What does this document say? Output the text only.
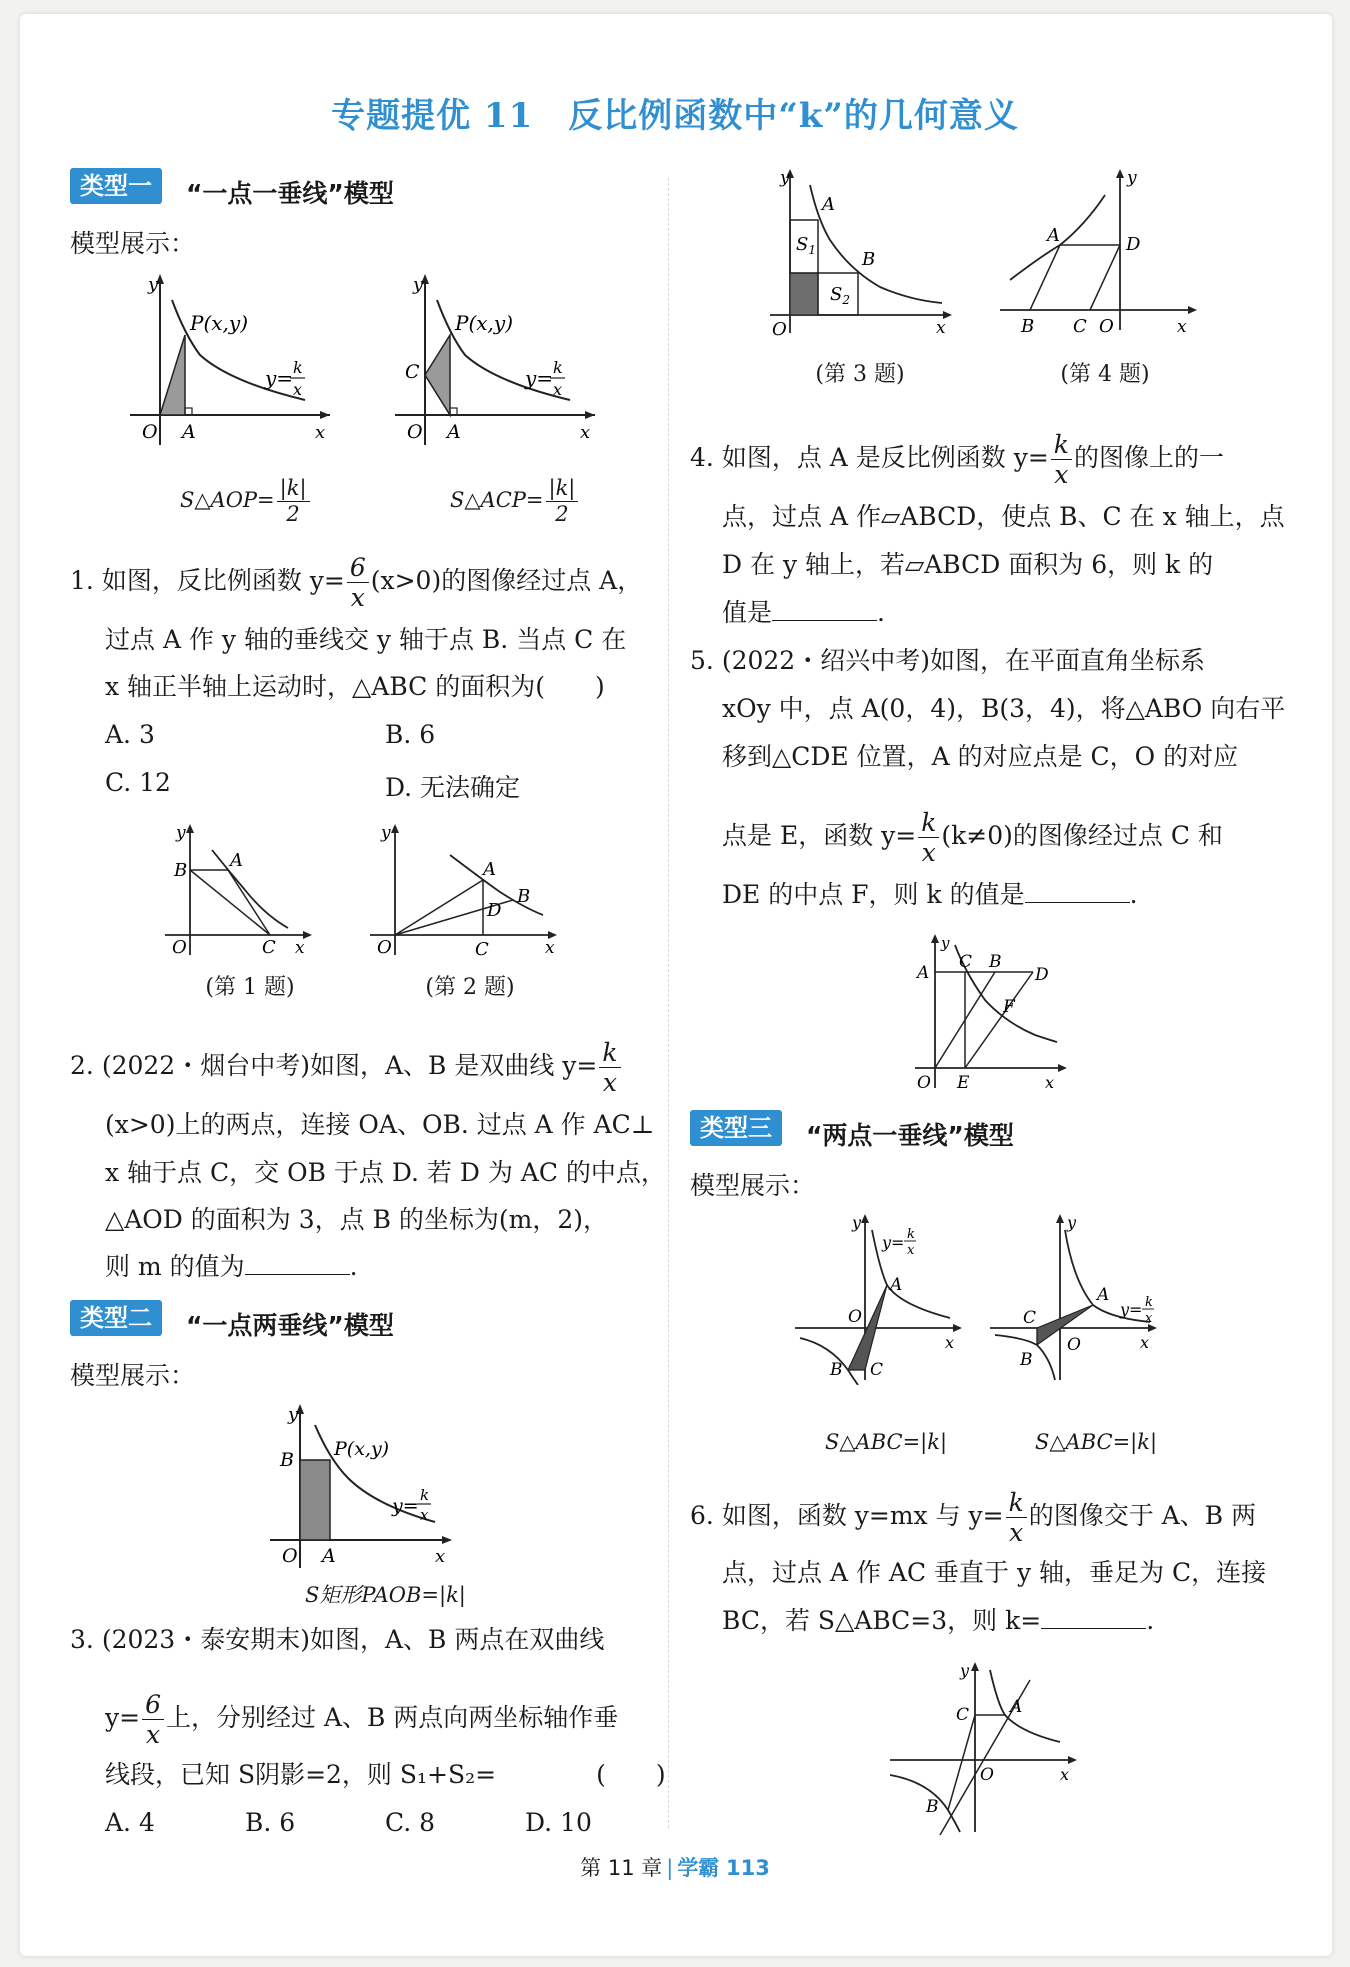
专题提优 11　反比例函数中“k”的几何意义
类型一	“一点一垂线”模型
模型展示：
y
P(x,y)
y= k
x
O A	x
y
P(x,y)
C	y= k
x
O A	x
S△AOP= $\frac{|k|}{2}$	S△ACP= $\frac{|k|}{2}$
1. 如图，反比例函数 $y= \frac{6}{x} (x>0)$的图像经过点 A，
过点 A 作 y 轴的垂线交 y 轴于点 B. 当点 C 在
x 轴正半轴上运动时，△ABC 的面积为(　　)
A. 3	B. 6
C. 12	D. 无法确定
B A
O	C x
y
A
B
D
O	C	x
y
(第 1 题)	(第 2 题)
2. (2022・烟台中考)如图，A、B 是双曲线 $y= \frac{k}{x}$
(x>0)上的两点，连接 OA、OB. 过点 A 作 AC⊥
x 轴于点 C，交 OB 于点 D. 若 D 为 AC 的中点，
△AOD 的面积为 3，点 B 的坐标为(m，2)，
则 m 的值为	.
类型二	“一点两垂线”模型
模型展示：
y
P(x,y)
B
y= k
x
O A	x
S矩形PAOB=|k|
3. (2023・泰安期末)如图，A、B 两点在双曲线
$y= \frac{6}{x}$ 上，分别经过 A、B 两点向两坐标轴作垂
线段，已知 S阴影=2，则 S₁+S₂=　　　　(　　)
A. 4	B. 6	C. 8	D. 10
y
A
B
$S_1$
$S_2$
O	x
y
A	D
B C O	x
(第 3 题)	(第 4 题)
4. 如图，点 A 是反比例函数 $y= \frac{k}{x}$ 的图像上的一
点，过点 A 作▱ABCD，使点 B、C 在 x 轴上，点
D 在 y 轴上，若▱ABCD 面积为 6，则 k 的
值是	.
5. (2022・绍兴中考)如图，在平面直角坐标系
xOy 中，点 A(0，4)，B(3，4)，将△ABO 向右平
移到△CDE 位置，A 的对应点是 C，O 的对应
点是 E，函数 $y= \frac{k}{x} (k\ne 0)$的图像经过点 C 和
DE 的中点 F，则 k 的值是	.
y
A
C B
D
F
O E	x
类型三	“两点一垂线”模型
模型展示：
y
y= k
x
A
O
x
B C
y
A
y= k
x
C
O	x
B
S△ABC=|k|	S△ABC=|k|
6. 如图，函数 y=mx 与 $y= \frac{k}{x}$ 的图像交于 A、B 两
点，过点 A 作 AC 垂直于 y 轴，垂足为 C，连接
BC，若 S△ABC=3，则 k=	.
y
A
C
O	x
B
第 11 章 | 学霸 113
